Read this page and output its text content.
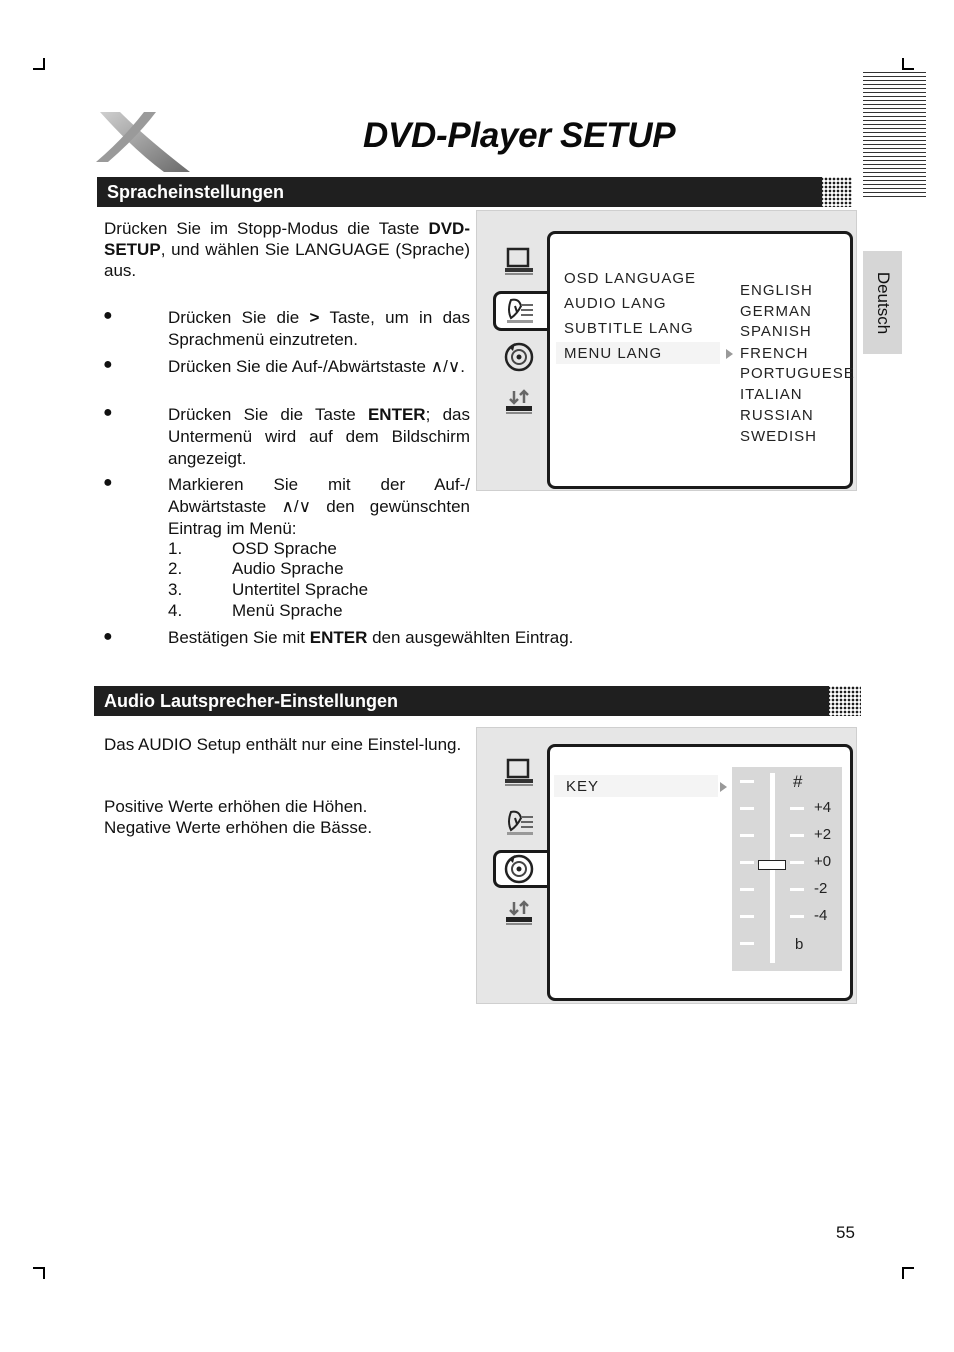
Deutsch
DVD-Player SETUP
Spracheinstellungen
Drücken Sie im Stopp-Modus die Taste DVD-SETUP, und wählen Sie LANGUAGE (Sprache) aus.
●	Drücken Sie die > Taste, um in das Sprachmenü einzutreten.
●	Drücken Sie die Auf-/Abwärtstaste ∧/∨.
●	Drücken Sie die Taste ENTER; das Untermenü wird auf dem Bildschirm angezeigt.
●	Markieren Sie mit der Auf-/ Abwärtstaste ∧/∨ den gewünschten Eintrag im Menü:
1.	OSD Sprache
2.	Audio Sprache
3.	Untertitel Sprache
4.	Menü Sprache
●	Bestätigen Sie mit ENTER den ausgewählten Eintrag.
OSD LANGUAGE
AUDIO LANG
SUBTITLE LANG
MENU LANG
ENGLISH
GERMAN
SPANISH
FRENCH
PORTUGUESE
ITALIAN
RUSSIAN
SWEDISH
Audio Lautsprecher-Einstellungen
Das AUDIO Setup enthält nur eine Einstel-lung.
Positive Werte erhöhen die Höhen.
Negative Werte erhöhen die Bässe.
KEY	#
+4
+2
+0
-2
-4
b
55
